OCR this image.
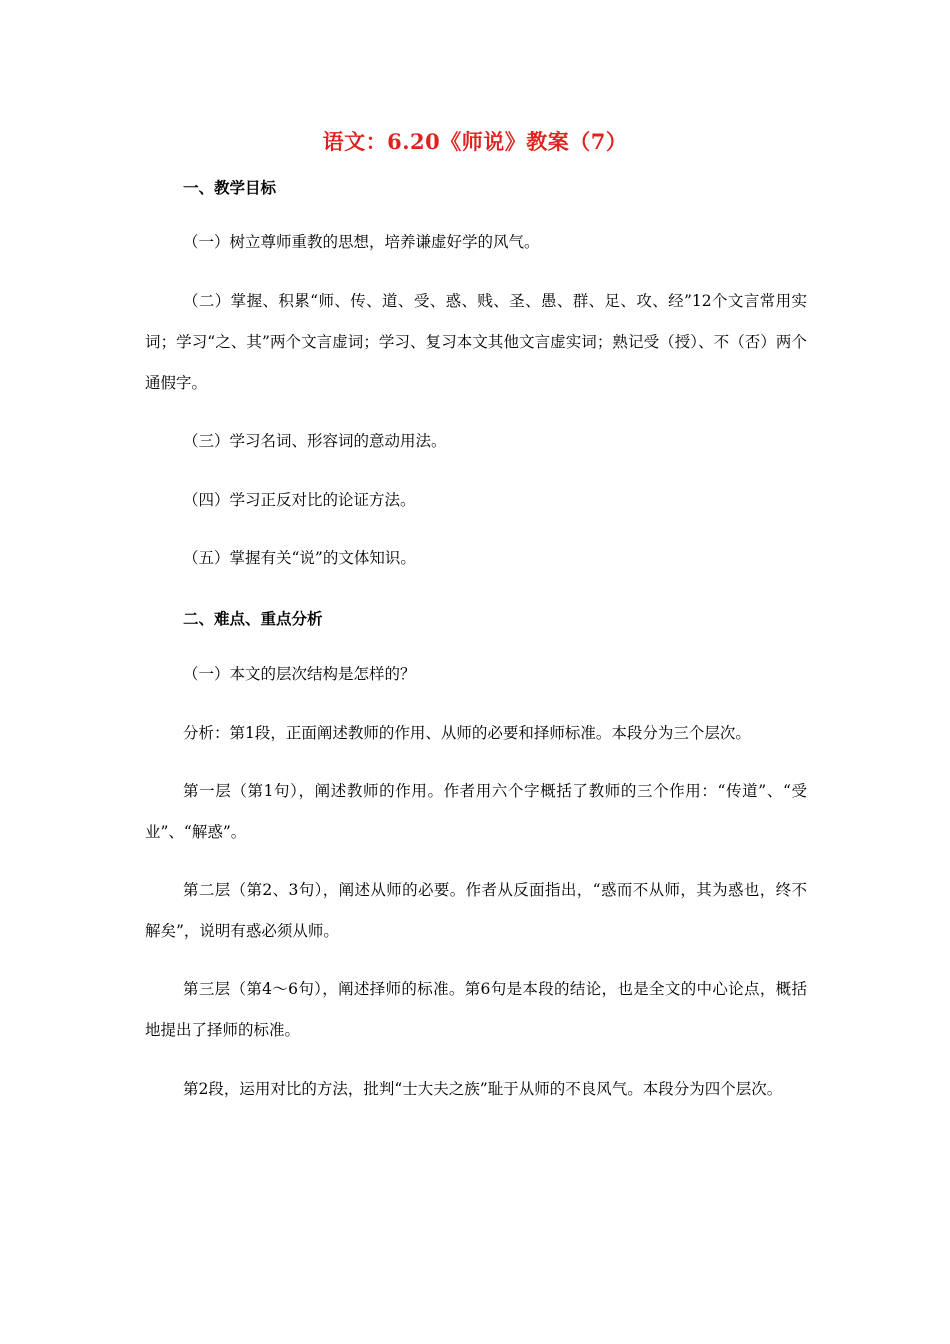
语文：6.20《师说》教案（7）
一、教学目标

（一）树立尊师重教的思想，培养谦虚好学的风气。

（二）掌握、积累“师、传、道、受、惑、贱、圣、愚、群、足、攻、经”12个文言常用实词；学习“之、其”两个文言虚词；学习、复习本文其他文言虚实词；熟记受（授）、不（否）两个通假字。

（三）学习名词、形容词的意动用法。

（四）学习正反对比的论证方法。

（五）掌握有关“说”的文体知识。

二、难点、重点分析

（一）本文的层次结构是怎样的？

分析：第1段，正面阐述教师的作用、从师的必要和择师标准。本段分为三个层次。

第一层（第1句），阐述教师的作用。作者用六个字概括了教师的三个作用：“传道”、“受业”、“解惑”。

第二层（第2、3句），阐述从师的必要。作者从反面指出，“惑而不从师，其为惑也，终不解矣”，说明有惑必须从师。

第三层（第4～6句），阐述择师的标准。第6句是本段的结论，也是全文的中心论点，概括地提出了择师的标准。

第2段，运用对比的方法，批判“士大夫之族”耻于从师的不良风气。本段分为四个层次。
